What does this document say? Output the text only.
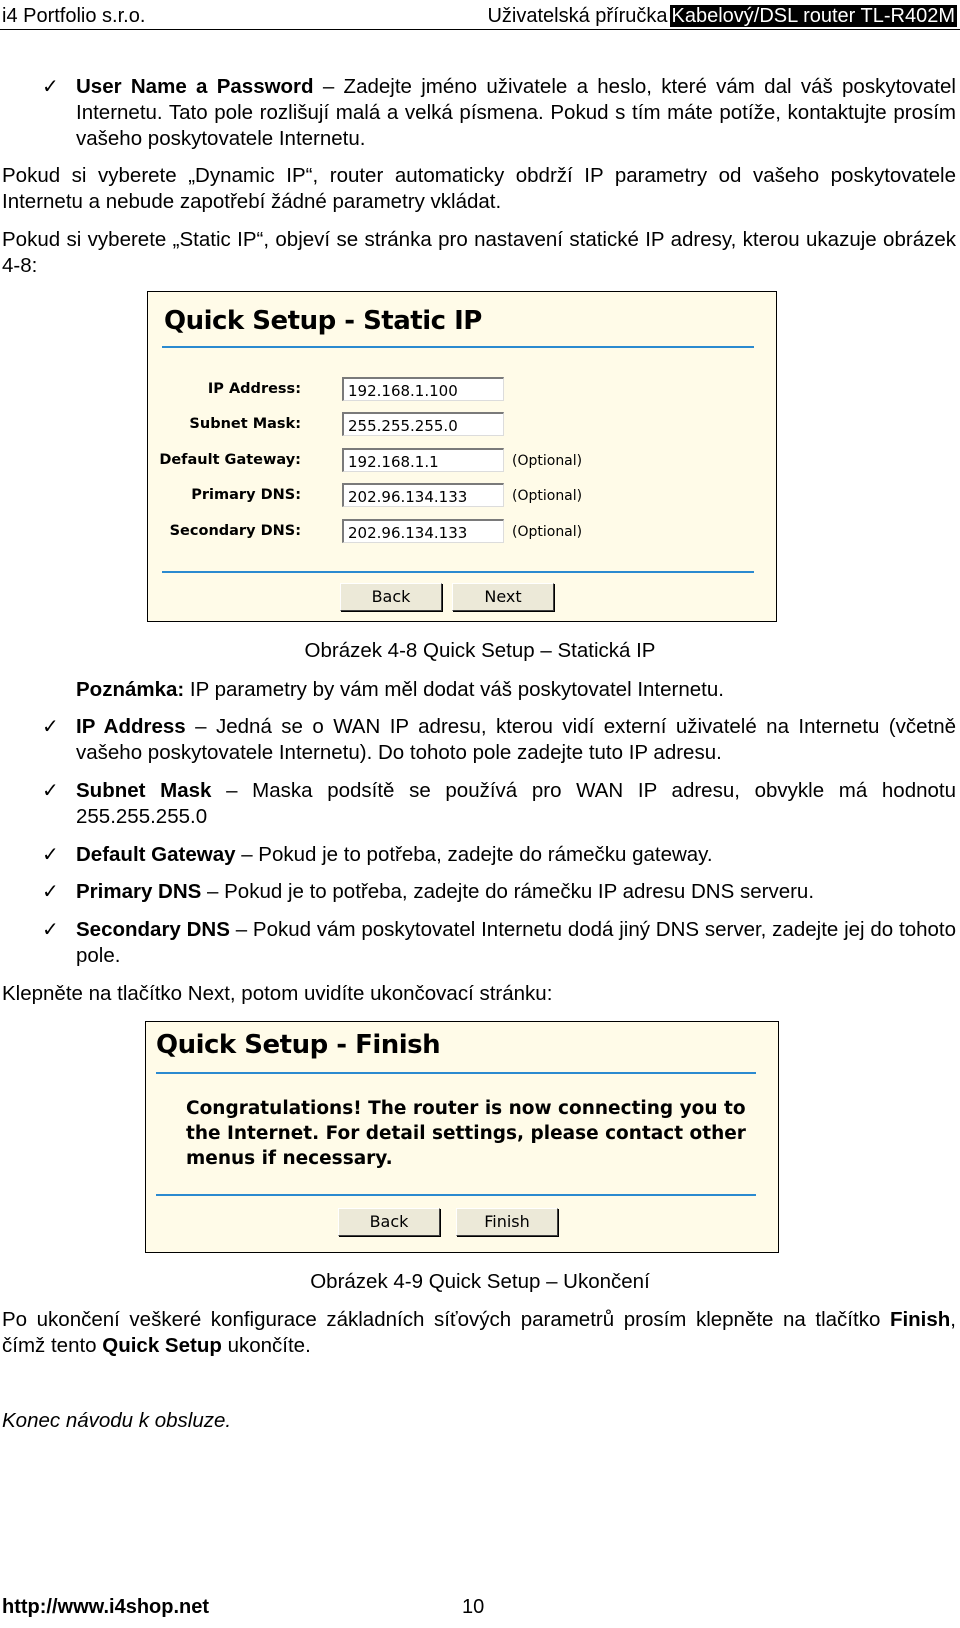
i4 Portfolio s.r.o.	Uživatelská příručka Kabelový/DSL router TL-R402M
✓ User Name a Password – Zadejte jméno uživatele a heslo, které vám dal váš poskytovatel Internetu. Tato pole rozlišují malá a velká písmena. Pokud s tím máte potíže, kontaktujte prosím vašeho poskytovatele Internetu.
Pokud si vyberete „Dynamic IP“, router automaticky obdrží IP parametry od vašeho poskytovatele Internetu a nebude zapotřebí žádné parametry vkládat.
Pokud si vyberete „Static IP“, objeví se stránka pro nastavení statické IP adresy, kterou ukazuje obrázek 4-8:
Quick Setup - Static IP
IP Address:	192.168.1.100
Subnet Mask:	255.255.255.0
Default Gateway:	192.168.1.1	(Optional)
Primary DNS:	202.96.134.133	(Optional)
Secondary DNS:	202.96.134.133	(Optional)
Back	Next
Obrázek 4-8 Quick Setup – Statická IP
Poznámka: IP parametry by vám měl dodat váš poskytovatel Internetu.
✓ IP Address – Jedná se o WAN IP adresu, kterou vidí externí uživatelé na Internetu (včetně vašeho poskytovatele Internetu). Do tohoto pole zadejte tuto IP adresu.
✓ Subnet Mask – Maska podsítě se používá pro WAN IP adresu, obvykle má hodnotu 255.255.255.0
✓ Default Gateway – Pokud je to potřeba, zadejte do rámečku gateway.
✓ Primary DNS – Pokud je to potřeba, zadejte do rámečku IP adresu DNS serveru.
✓ Secondary DNS – Pokud vám poskytovatel Internetu dodá jiný DNS server, zadejte jej do tohoto pole.
Klepněte na tlačítko Next, potom uvidíte ukončovací stránku:
Quick Setup - Finish
Congratulations! The router is now connecting you to the Internet. For detail settings, please contact other menus if necessary.
Back	Finish
Obrázek 4-9 Quick Setup – Ukončení
Po ukončení veškeré konfigurace základních síťových parametrů prosím klepněte na tlačítko Finish, čímž tento Quick Setup ukončíte.
Konec návodu k obsluze.
http://www.i4shop.net	10
